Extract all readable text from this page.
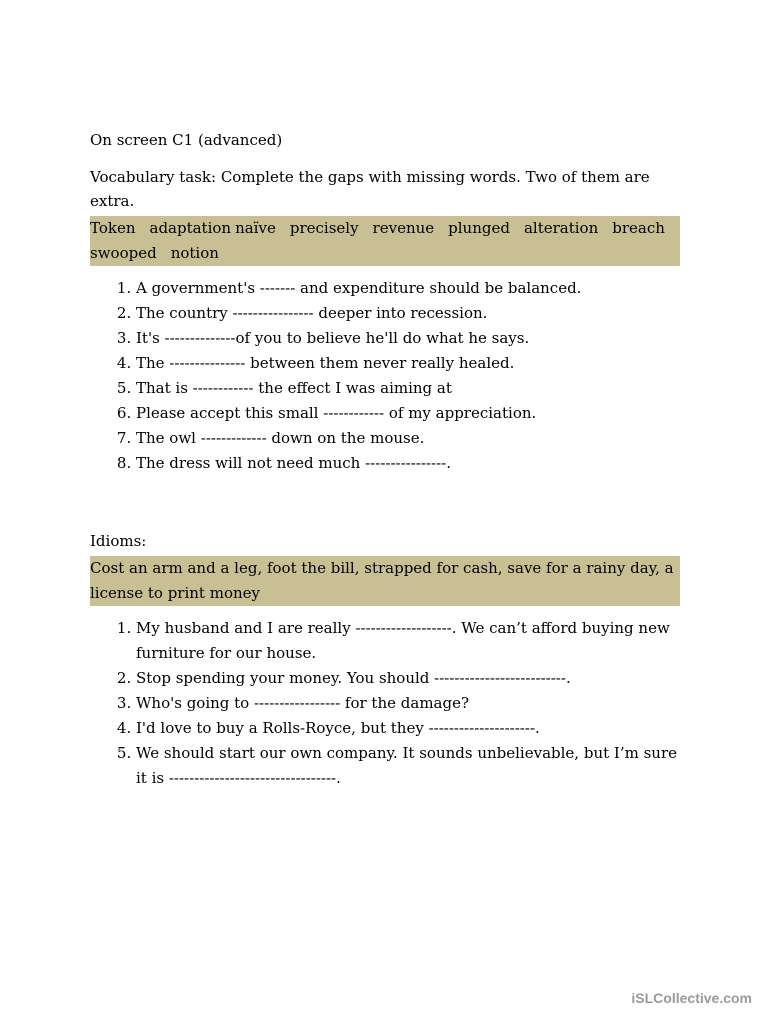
On screen C1 (advanced)

Vocabulary task: Complete the gaps with missing words. Two of them are extra.

Token adaptation naïve precisely revenue plunged alteration breach
swooped notion
1. A government's ------- and expenditure should be balanced.
2. The country ---------------- deeper into recession.
3. It's --------------of you to believe he'll do what he says.
4. The --------------- between them never really healed.
5. That is ------------ the effect I was aiming at
6. Please accept this small ------------ of my appreciation.
7. The owl ------------- down on the mouse.
8. The dress will not need much ----------------.

Idioms:

Cost an arm and a leg, foot the bill, strapped for cash, save for a rainy day, a license to print money
1. My husband and I are really -------------------. We can’t afford buying new furniture for our house.
2. Stop spending your money. You should --------------------------.
3. Who's going to ----------------- for the damage?
4. I'd love to buy a Rolls-Royce, but they ---------------------.
5. We should start our own company. It sounds unbelievable, but I’m sure it is ---------------------------------.
iSLCollective.com
